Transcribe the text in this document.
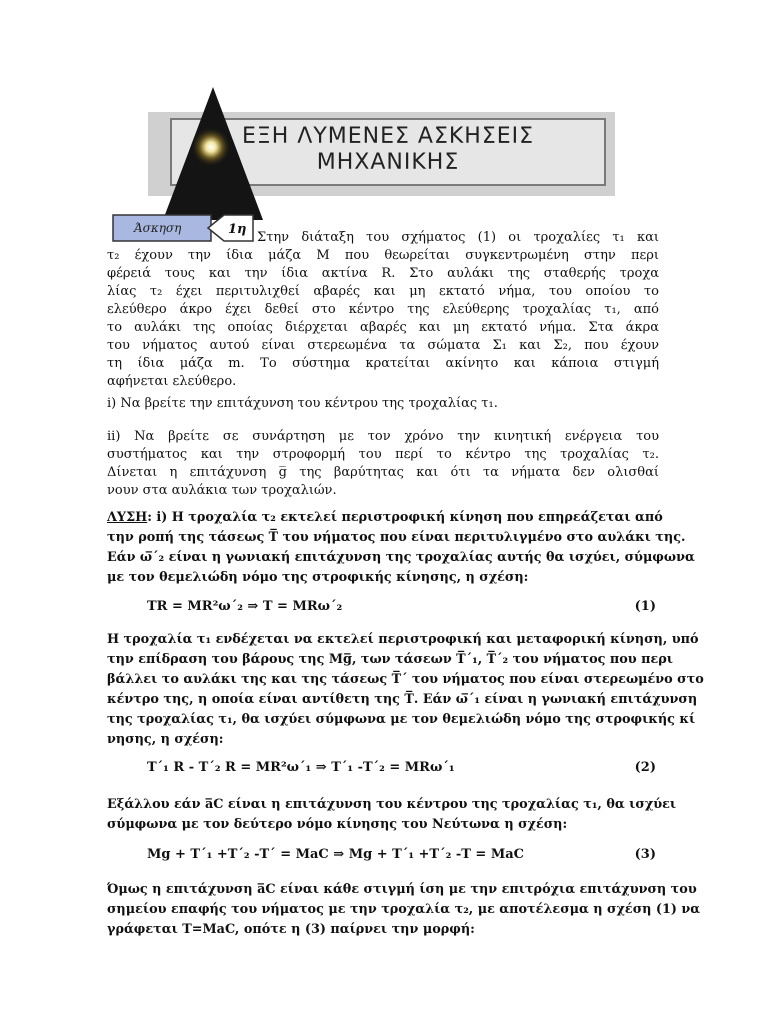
ΕΞΗ ΛΥΜΕΝΕΣ ΑΣΚΗΣΕΙΣ
ΜΗΧΑΝΙΚΗΣ
Άσκηση	1η
Στην διάταξη του σχήματος (1) οι τροχαλίες τ₁ και
τ₂ έχουν την ίδια μάζα Μ που θεωρείται συγκεντρωμένη στην περι
φέρειά τους και την ίδια ακτίνα R. Στο αυλάκι της σταθερής τροχα
λίας τ₂ έχει περιτυλιχθεί αβαρές και μη εκτατό νήμα, του οποίου το
ελεύθερο άκρο έχει δεθεί στο κέντρο της ελεύθερης τροχαλίας τ₁, από
το αυλάκι της οποίας διέρχεται αβαρές και μη εκτατό νήμα. Στα άκρα
του νήματος αυτού είναι στερεωμένα τα σώματα Σ₁ και Σ₂, που έχουν
τη ίδια μάζα m. Το σύστημα κρατείται ακίνητο και κάποια στιγμή
αφήνεται ελεύθερο.
i) Να βρείτε την επιτάχυνση του κέντρου της τροχαλίας τ₁.
ii) Να βρείτε σε συνάρτηση με τον χρόνο την κινητική ενέργεια του
συστήματος και την στροφορμή του περί το κέντρο της τροχαλίας τ₂.
Δίνεται η επιτάχυνση g̅ της βαρύτητας και ότι τα νήματα δεν ολισθαί
νουν στα αυλάκια των τροχαλιών.
ΛΥΣΗ: i) Η τροχαλία τ₂ εκτελεί περιστροφική κίνηση που επηρεάζεται από
την ροπή της τάσεως T̅ του νήματος που είναι περιτυλιγμένο στο αυλάκι της.
Εάν ω̅΄₂ είναι η γωνιακή επιτάχυνση της τροχαλίας αυτής θα ισχύει, σύμφωνα
με τον θεμελιώδη νόμο της στροφικής κίνησης, η σχέση:
TR = MR²ω΄₂ ⇒ T = MRω΄₂	(1)
Η τροχαλία τ₁ ενδέχεται να εκτελεί περιστροφική και μεταφορική κίνηση, υπό
την επίδραση του βάρους της Mg̅, των τάσεων T̅΄₁, T̅΄₂ του νήματος που περι
βάλλει το αυλάκι της και της τάσεως T̅΄ του νήματος που είναι στερεωμένο στο
κέντρο της, η οποία είναι αντίθετη της T̅. Εάν ω̅΄₁ είναι η γωνιακή επιτάχυνση
της τροχαλίας τ₁, θα ισχύει σύμφωνα με τον θεμελιώδη νόμο της στροφικής κί
νησης, η σχέση:
T΄₁ R - T΄₂ R = MR²ω΄₁ ⇒ T΄₁ -T΄₂ = MRω΄₁	(2)
Εξάλλου εάν a̅C είναι η επιτάχυνση του κέντρου της τροχαλίας τ₁, θα ισχύει
σύμφωνα με τον δεύτερο νόμο κίνησης του Νεύτωνα η σχέση:
Mg + T΄₁ +T΄₂ -T΄ = MaC ⇒ Mg + T΄₁ +T΄₂ -T = MaC	(3)
Όμως η επιτάχυνση a̅C είναι κάθε στιγμή ίση με την επιτρόχια επιτάχυνση του
σημείου επαφής του νήματος με την τροχαλία τ₂, με αποτέλεσμα η σχέση (1) να
γράφεται T=MaC, οπότε η (3) παίρνει την μορφή:
